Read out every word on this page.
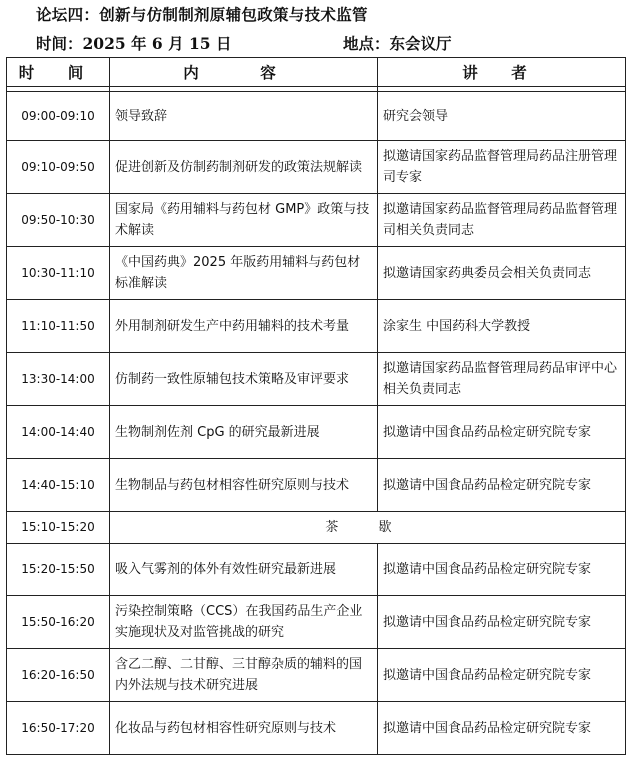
论坛四：创新与仿制制剂原辅包政策与技术监管
时间：2025 年 6 月 15 日	地点：东会议厅
时 间	内 容	讲 者

09:00-09:10	领导致辞	研究会领导
09:10-09:50	促进创新及仿制药制剂研发的政策法规解读	拟邀请国家药品监督管理局药品注册管理司专家
09:50-10:30	国家局《药用辅料与药包材 GMP》政策与技术解读	拟邀请国家药品监督管理局药品监督管理司相关负责同志
10:30-11:10	《中国药典》2025 年版药用辅料与药包材标准解读	拟邀请国家药典委员会相关负责同志
11:10-11:50	外用制剂研发生产中药用辅料的技术考量	涂家生 中国药科大学教授
13:30-14:00	仿制药一致性原辅包技术策略及审评要求	拟邀请国家药品监督管理局药品审评中心相关负责同志
14:00-14:40	生物制剂佐剂 CpG 的研究最新进展	拟邀请中国食品药品检定研究院专家
14:40-15:10	生物制品与药包材相容性研究原则与技术	拟邀请中国食品药品检定研究院专家
15:10-15:20	茶 歇	
15:20-15:50	吸入气雾剂的体外有效性研究最新进展	拟邀请中国食品药品检定研究院专家
15:50-16:20	污染控制策略（CCS）在我国药品生产企业实施现状及对监管挑战的研究	拟邀请中国食品药品检定研究院专家
16:20-16:50	含乙二醇、二甘醇、三甘醇杂质的辅料的国内外法规与技术研究进展	拟邀请中国食品药品检定研究院专家
16:50-17:20	化妆品与药包材相容性研究原则与技术	拟邀请中国食品药品检定研究院专家
